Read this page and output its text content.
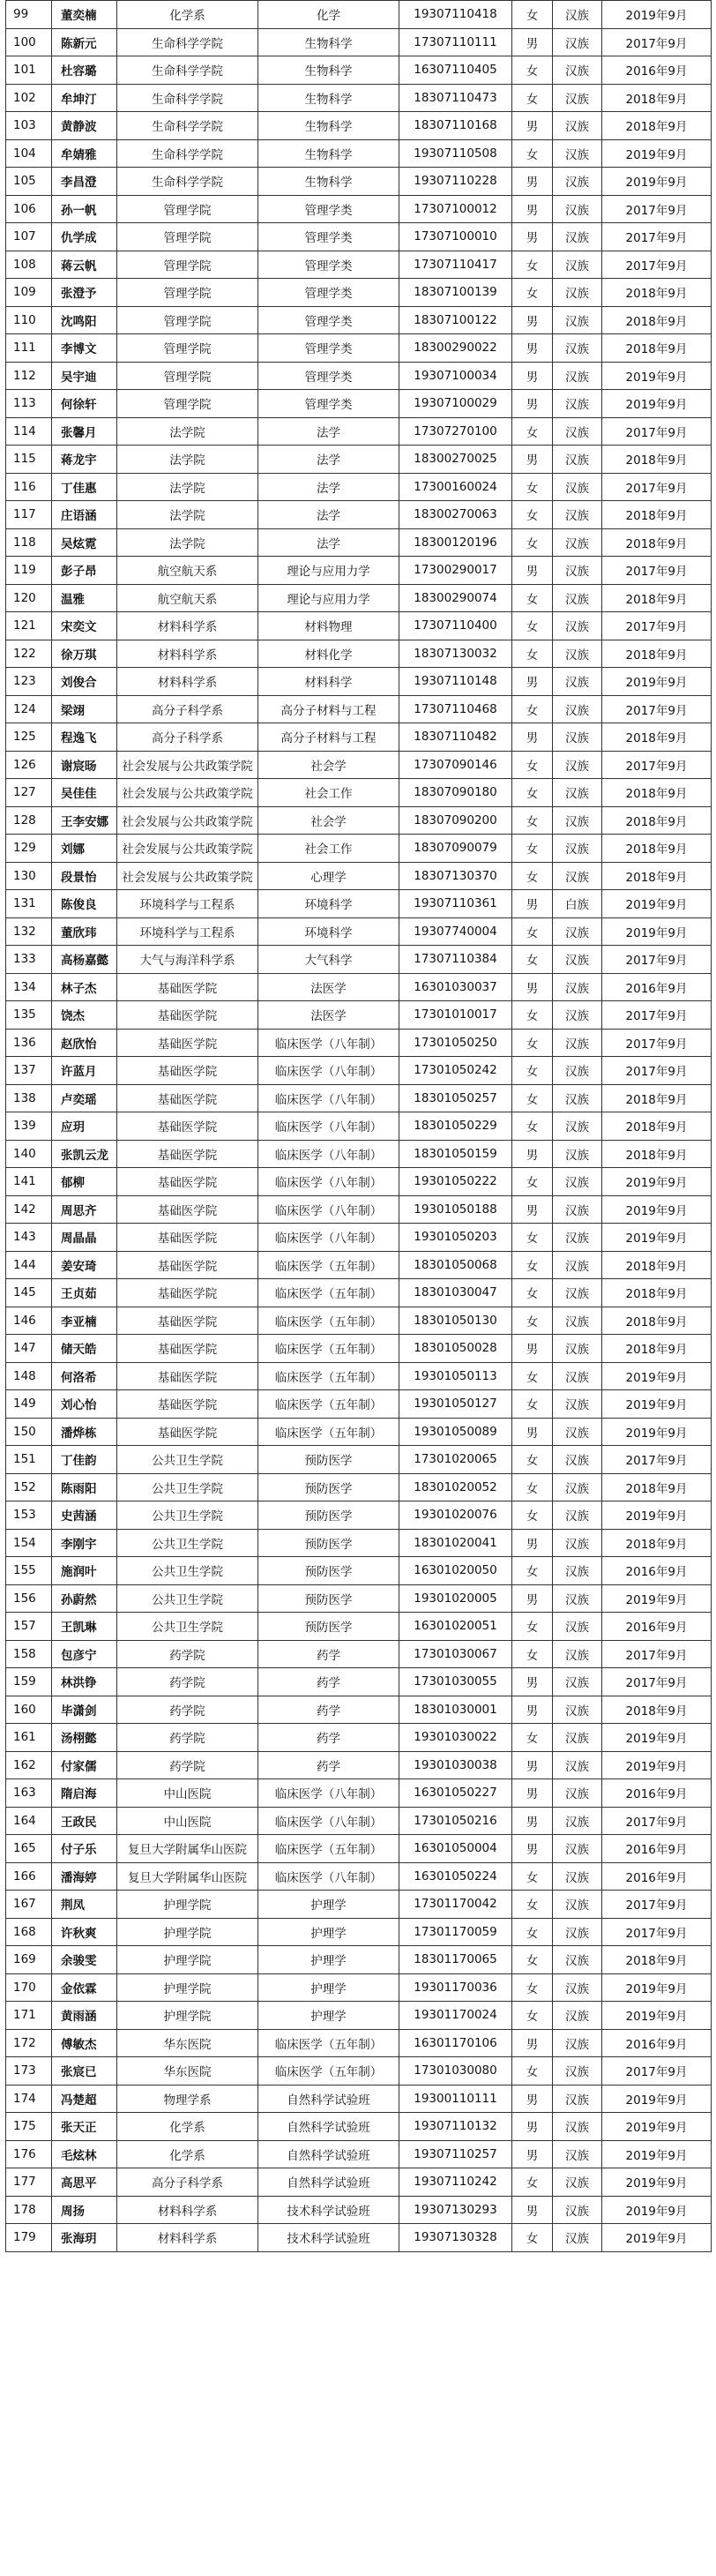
99	董奕楠	化学系	化学	19307110418	女	汉族	2019年9月
100	陈新元	生命科学学院	生物科学	17307110111	男	汉族	2017年9月
101	杜容璐	生命科学学院	生物科学	16307110405	女	汉族	2016年9月
102	牟坤汀	生命科学学院	生物科学	18307110473	女	汉族	2018年9月
103	黄静波	生命科学学院	生物科学	18307110168	男	汉族	2018年9月
104	牟婧雅	生命科学学院	生物科学	19307110508	女	汉族	2019年9月
105	李昌澄	生命科学学院	生物科学	19307110228	男	汉族	2019年9月
106	孙一帆	管理学院	管理学类	17307100012	男	汉族	2017年9月
107	仇学成	管理学院	管理学类	17307100010	男	汉族	2017年9月
108	蒋云帆	管理学院	管理学类	17307110417	女	汉族	2017年9月
109	张澄予	管理学院	管理学类	18307100139	女	汉族	2018年9月
110	沈鸣阳	管理学院	管理学类	18307100122	男	汉族	2018年9月
111	李博文	管理学院	管理学类	18300290022	男	汉族	2018年9月
112	吴宇迪	管理学院	管理学类	19307100034	男	汉族	2019年9月
113	何徐轩	管理学院	管理学类	19307100029	男	汉族	2019年9月
114	张馨月	法学院	法学	17307270100	女	汉族	2017年9月
115	蒋龙宇	法学院	法学	18300270025	男	汉族	2018年9月
116	丁佳惠	法学院	法学	17300160024	女	汉族	2017年9月
117	庄语涵	法学院	法学	18300270063	女	汉族	2018年9月
118	吴炫霓	法学院	法学	18300120196	女	汉族	2018年9月
119	彭子昂	航空航天系	理论与应用力学	17300290017	男	汉族	2017年9月
120	温雅	航空航天系	理论与应用力学	18300290074	女	汉族	2018年9月
121	宋奕文	材料科学系	材料物理	17307110400	女	汉族	2017年9月
122	徐万琪	材料科学系	材料化学	18307130032	女	汉族	2018年9月
123	刘俊合	材料科学系	材料科学	19307110148	男	汉族	2019年9月
124	梁翊	高分子科学系	高分子材料与工程	17307110468	女	汉族	2017年9月
125	程逸飞	高分子科学系	高分子材料与工程	18307110482	男	汉族	2018年9月
126	谢宸旸	社会发展与公共政策学院	社会学	17307090146	女	汉族	2017年9月
127	吴佳佳	社会发展与公共政策学院	社会工作	18307090180	女	汉族	2018年9月
128	王李安娜	社会发展与公共政策学院	社会学	18307090200	女	汉族	2018年9月
129	刘娜	社会发展与公共政策学院	社会工作	18307090079	女	汉族	2018年9月
130	段景怡	社会发展与公共政策学院	心理学	18307130370	女	汉族	2018年9月
131	陈俊良	环境科学与工程系	环境科学	19307110361	男	白族	2019年9月
132	董欣玮	环境科学与工程系	环境科学	19307740004	女	汉族	2019年9月
133	高杨嘉懿	大气与海洋科学系	大气科学	17307110384	女	汉族	2017年9月
134	林子杰	基础医学院	法医学	16301030037	男	汉族	2016年9月
135	饶杰	基础医学院	法医学	17301010017	女	汉族	2017年9月
136	赵欣怡	基础医学院	临床医学（八年制）	17301050250	女	汉族	2017年9月
137	许蓝月	基础医学院	临床医学（八年制）	17301050242	女	汉族	2017年9月
138	卢奕瑶	基础医学院	临床医学（八年制）	18301050257	女	汉族	2018年9月
139	应玥	基础医学院	临床医学（八年制）	18301050229	女	汉族	2018年9月
140	张凯云龙	基础医学院	临床医学（八年制）	18301050159	男	汉族	2018年9月
141	郁柳	基础医学院	临床医学（八年制）	19301050222	女	汉族	2019年9月
142	周思齐	基础医学院	临床医学（八年制）	19301050188	男	汉族	2019年9月
143	周晶晶	基础医学院	临床医学（八年制）	19301050203	女	汉族	2019年9月
144	姜安琦	基础医学院	临床医学（五年制）	18301050068	女	汉族	2018年9月
145	王贞茹	基础医学院	临床医学（五年制）	18301030047	女	汉族	2018年9月
146	李亚楠	基础医学院	临床医学（五年制）	18301050130	女	汉族	2018年9月
147	储天皓	基础医学院	临床医学（五年制）	18301050028	男	汉族	2018年9月
148	何洛希	基础医学院	临床医学（五年制）	19301050113	女	汉族	2019年9月
149	刘心怡	基础医学院	临床医学（五年制）	19301050127	女	汉族	2019年9月
150	潘烨栋	基础医学院	临床医学（五年制）	19301050089	男	汉族	2019年9月
151	丁佳韵	公共卫生学院	预防医学	17301020065	女	汉族	2017年9月
152	陈雨阳	公共卫生学院	预防医学	18301020052	女	汉族	2018年9月
153	史茜涵	公共卫生学院	预防医学	19301020076	女	汉族	2019年9月
154	李刚宇	公共卫生学院	预防医学	18301020041	男	汉族	2018年9月
155	施润叶	公共卫生学院	预防医学	16301020050	女	汉族	2016年9月
156	孙蔚然	公共卫生学院	预防医学	19301020005	男	汉族	2019年9月
157	王凯琳	公共卫生学院	预防医学	16301020051	女	汉族	2016年9月
158	包彦宁	药学院	药学	17301030067	女	汉族	2017年9月
159	林洪铮	药学院	药学	17301030055	男	汉族	2017年9月
160	毕潇剑	药学院	药学	18301030001	男	汉族	2018年9月
161	汤栩懿	药学院	药学	19301030022	女	汉族	2019年9月
162	付家儒	药学院	药学	19301030038	男	汉族	2019年9月
163	隋启海	中山医院	临床医学（八年制）	16301050227	男	汉族	2016年9月
164	王政民	中山医院	临床医学（八年制）	17301050216	男	汉族	2017年9月
165	付子乐	复旦大学附属华山医院	临床医学（五年制）	16301050004	男	汉族	2016年9月
166	潘海婷	复旦大学附属华山医院	临床医学（八年制）	16301050224	女	汉族	2016年9月
167	荆凤	护理学院	护理学	17301170042	女	汉族	2017年9月
168	许秋爽	护理学院	护理学	17301170059	女	汉族	2017年9月
169	余骏雯	护理学院	护理学	18301170065	女	汉族	2018年9月
170	金依霖	护理学院	护理学	19301170036	女	汉族	2019年9月
171	黄雨涵	护理学院	护理学	19301170024	女	汉族	2019年9月
172	傅敏杰	华东医院	临床医学（五年制）	16301170106	男	汉族	2016年9月
173	张宸已	华东医院	临床医学（五年制）	17301030080	女	汉族	2017年9月
174	冯楚超	物理学系	自然科学试验班	19300110111	男	汉族	2019年9月
175	张天正	化学系	自然科学试验班	19307110132	男	汉族	2019年9月
176	毛炫林	化学系	自然科学试验班	19307110257	男	汉族	2019年9月
177	高思平	高分子科学系	自然科学试验班	19307110242	女	汉族	2019年9月
178	周扬	材料科学系	技术科学试验班	19307130293	男	汉族	2019年9月
179	张海玥	材料科学系	技术科学试验班	19307130328	女	汉族	2019年9月
